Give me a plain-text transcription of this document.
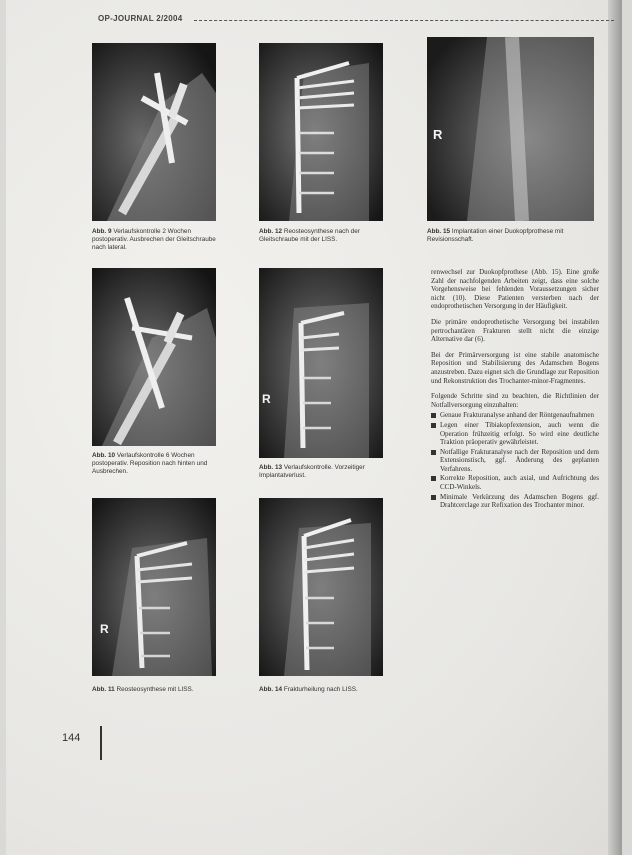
OP-JOURNAL 2/2004
Abb. 9 Verlaufskontrolle 2 Wochen postoperativ. Ausbrechen der Gleitschraube nach lateral.
Abb. 12 Reosteosynthese nach der Gleitschraube mit der LISS.
R
Abb. 15 Implantation einer Duokopfprothese mit Revisionsschaft.
Abb. 10 Verlaufskontrolle 6 Wochen postoperativ. Reposition nach hinten und Ausbrechen.
R
Abb. 13 Verlaufskontrolle. Vorzeitiger Implantatverlust.
R
Abb. 11 Reosteosynthese mit LISS.	Abb. 14 Frakturheilung nach LISS.

renwechsel zur Duokopfprothese (Abb. 15). Eine große Zahl der nachfolgenden Arbeiten zeigt, dass eine solche Vorgehensweise bei fehlenden Voraussetzungen sicher nicht (10). Diese Patienten versterben nach der endoprothetischen Versorgung in der Häufigkeit.

Die primäre endoprothetische Versorgung bei instabilen pertrochantären Frakturen stellt nicht die einzige Alternative dar (6).

Bei der Primärversorgung ist eine stabile anatomische Reposition und Stabilisierung des Adamschen Bogens anzustreben. Dazu eignet sich die Grundlage zur Reposition und Rekonstruktion des Trochanter-minor-Fragmentes.

Folgende Schritte sind zu beachten, die Richtlinien der Notfallversorgung einzuhalten:

Genaue Frakturanalyse anhand der Röntgenaufnahmen
Legen einer Tibiakopfextension, auch wenn die Operation frühzeitig erfolgt. So wird eine deutliche Traktion präoperativ gewährleistet.
Notfallige Frakturanalyse nach der Reposition und dem Extensionstisch, ggf. Änderung des geplanten Verfahrens.
Korrekte Reposition, auch axial, und Aufrichtung des CCD-Winkels.
Minimale Verkürzung des Adamschen Bogens ggf. Drahtcerclage zur Refixation des Trochanter minor.
144
